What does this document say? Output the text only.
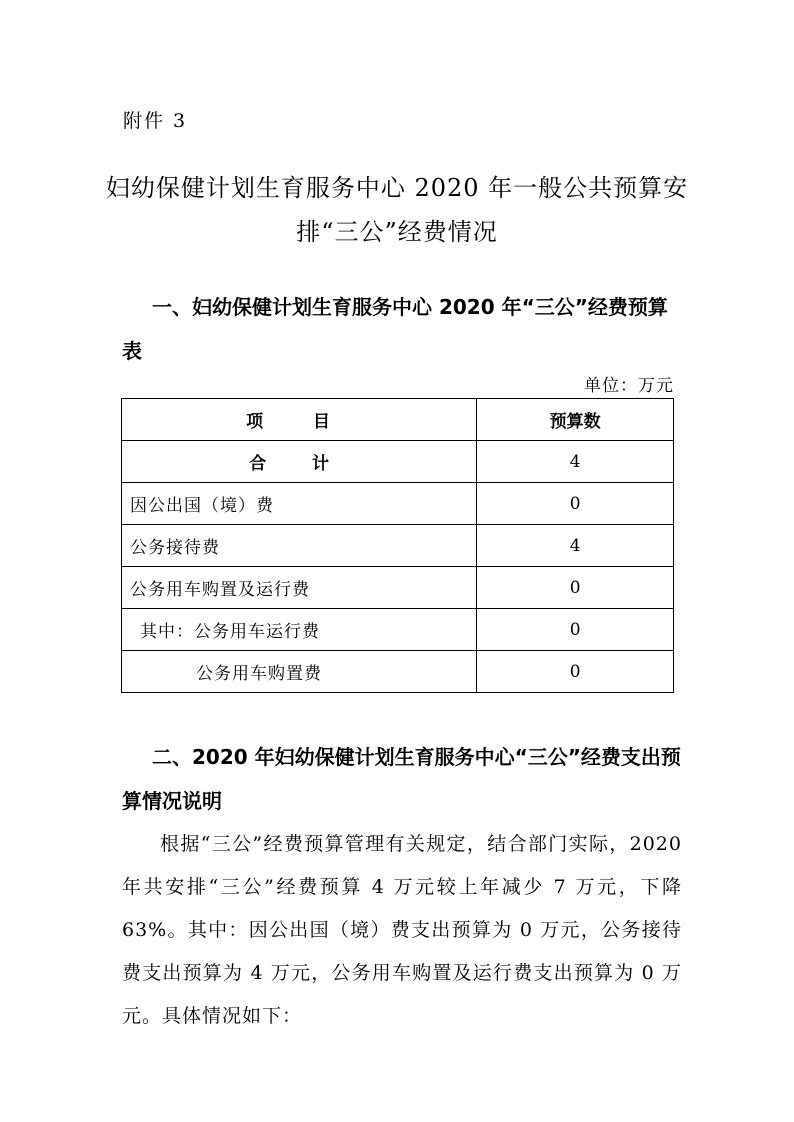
附件 3
妇幼保健计划生育服务中心 2020 年一般公共预算安
排“三公”经费情况
一、妇幼保健计划生育服务中心 2020 年“三公”经费预算表
单位：万元
项 目	预算数
合 计	4
因公出国（境）费	0
公务接待费	4
公务用车购置及运行费	0
其中：公务用车运行费	0
公务用车购置费	0
二、2020 年妇幼保健计划生育服务中心“三公”经费支出预算情况说明
根据“三公”经费预算管理有关规定，结合部门实际，2020 年共安排“三公”经费预算 4 万元较上年减少 7 万元，下降 63%。其中：因公出国（境）费支出预算为 0 万元，公务接待费支出预算为 4 万元，公务用车购置及运行费支出预算为 0 万元。具体情况如下：
